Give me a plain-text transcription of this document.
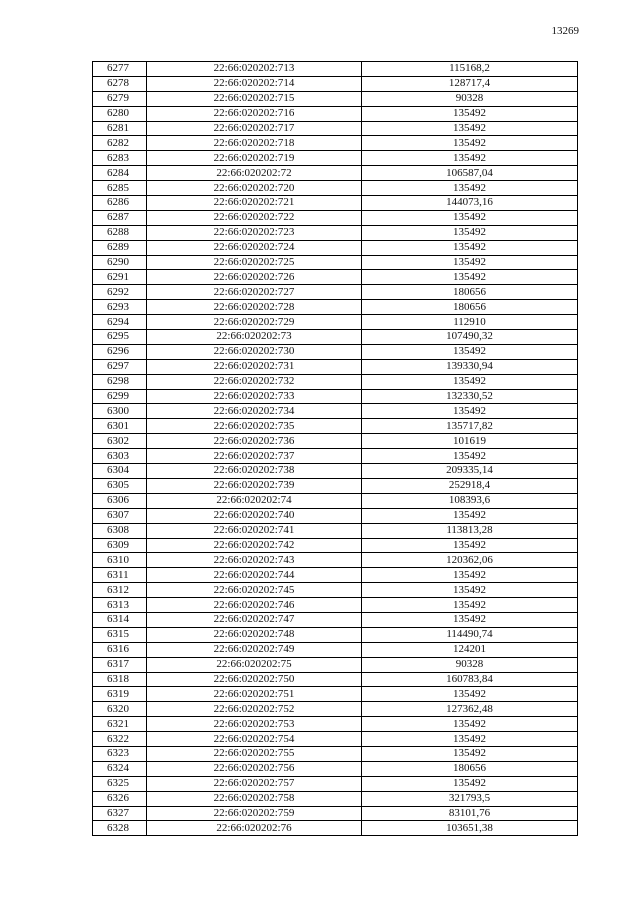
13269
6277	22:66:020202:713	115168,2
6278	22:66:020202:714	128717,4
6279	22:66:020202:715	90328
6280	22:66:020202:716	135492
6281	22:66:020202:717	135492
6282	22:66:020202:718	135492
6283	22:66:020202:719	135492
6284	22:66:020202:72	106587,04
6285	22:66:020202:720	135492
6286	22:66:020202:721	144073,16
6287	22:66:020202:722	135492
6288	22:66:020202:723	135492
6289	22:66:020202:724	135492
6290	22:66:020202:725	135492
6291	22:66:020202:726	135492
6292	22:66:020202:727	180656
6293	22:66:020202:728	180656
6294	22:66:020202:729	112910
6295	22:66:020202:73	107490,32
6296	22:66:020202:730	135492
6297	22:66:020202:731	139330,94
6298	22:66:020202:732	135492
6299	22:66:020202:733	132330,52
6300	22:66:020202:734	135492
6301	22:66:020202:735	135717,82
6302	22:66:020202:736	101619
6303	22:66:020202:737	135492
6304	22:66:020202:738	209335,14
6305	22:66:020202:739	252918,4
6306	22:66:020202:74	108393,6
6307	22:66:020202:740	135492
6308	22:66:020202:741	113813,28
6309	22:66:020202:742	135492
6310	22:66:020202:743	120362,06
6311	22:66:020202:744	135492
6312	22:66:020202:745	135492
6313	22:66:020202:746	135492
6314	22:66:020202:747	135492
6315	22:66:020202:748	114490,74
6316	22:66:020202:749	124201
6317	22:66:020202:75	90328
6318	22:66:020202:750	160783,84
6319	22:66:020202:751	135492
6320	22:66:020202:752	127362,48
6321	22:66:020202:753	135492
6322	22:66:020202:754	135492
6323	22:66:020202:755	135492
6324	22:66:020202:756	180656
6325	22:66:020202:757	135492
6326	22:66:020202:758	321793,5
6327	22:66:020202:759	83101,76
6328	22:66:020202:76	103651,38
